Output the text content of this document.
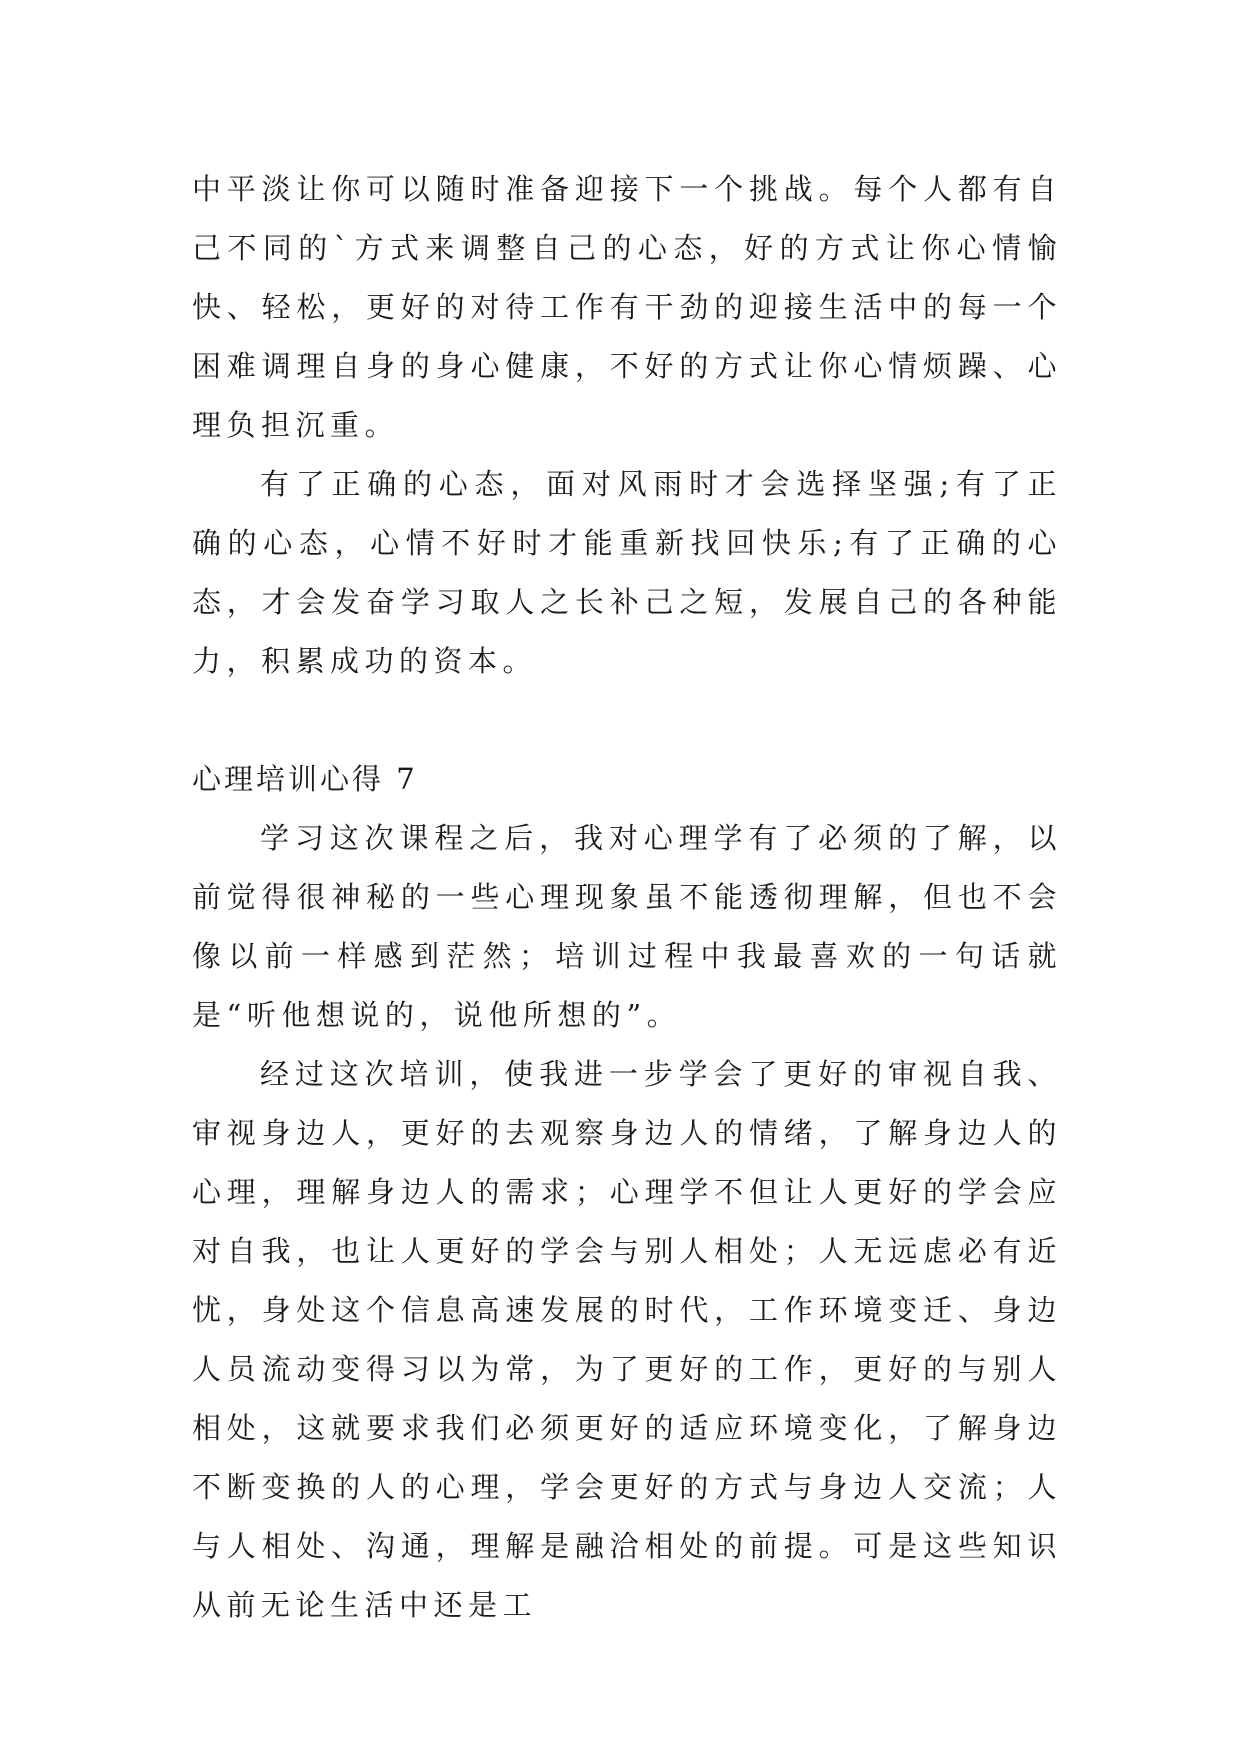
中平淡让你可以随时准备迎接下一个挑战。每个人都有自己不同的`方式来调整自己的心态，好的方式让你心情愉快、轻松，更好的对待工作有干劲的迎接生活中的每一个困难调理自身的身心健康，不好的方式让你心情烦躁、心理负担沉重。

有了正确的心态，面对风雨时才会选择坚强;有了正确的心态，心情不好时才能重新找回快乐;有了正确的心态，才会发奋学习取人之长补己之短，发展自己的各种能力，积累成功的资本。

心理培训心得 7

学习这次课程之后，我对心理学有了必须的了解，以前觉得很神秘的一些心理现象虽不能透彻理解，但也不会像以前一样感到茫然；培训过程中我最喜欢的一句话就是“听他想说的，说他所想的”。

经过这次培训，使我进一步学会了更好的审视自我、审视身边人，更好的去观察身边人的情绪，了解身边人的心理，理解身边人的需求；心理学不但让人更好的学会应对自我，也让人更好的学会与别人相处；人无远虑必有近忧，身处这个信息高速发展的时代，工作环境变迁、身边人员流动变得习以为常，为了更好的工作，更好的与别人相处，这就要求我们必须更好的适应环境变化，了解身边不断变换的人的心理，学会更好的方式与身边人交流；人与人相处、沟通，理解是融洽相处的前提。可是这些知识从前无论生活中还是工
